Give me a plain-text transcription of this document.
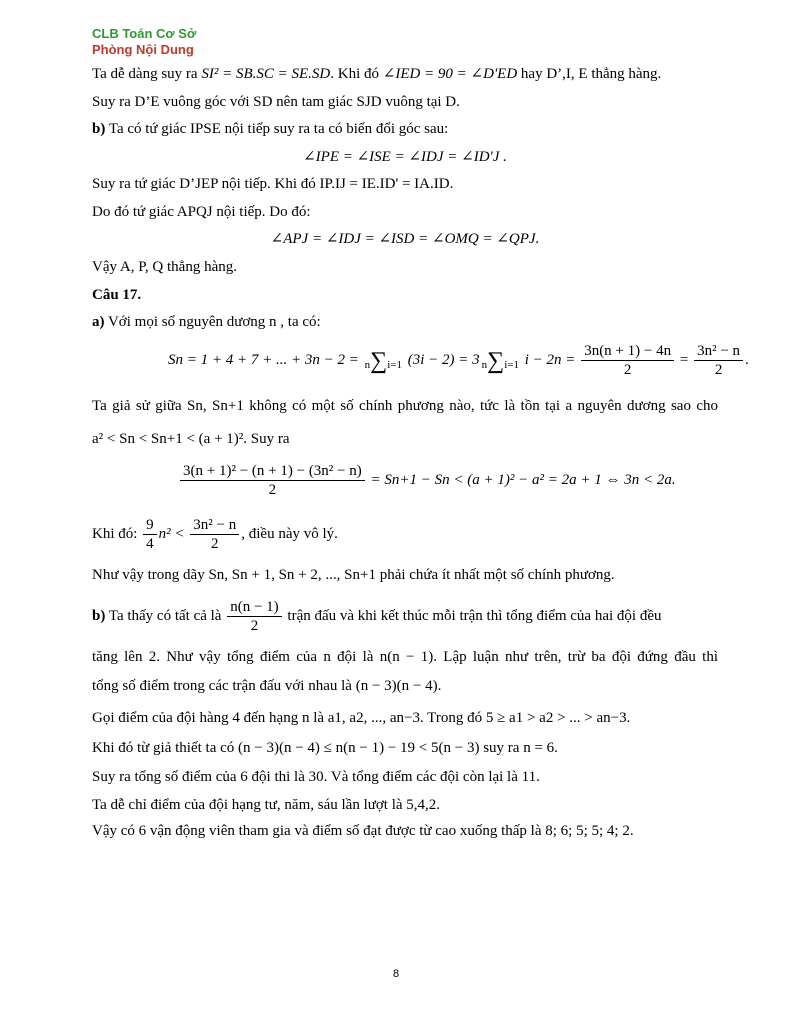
CLB Toán Cơ Sở
Phòng Nội Dung
Ta dễ dàng suy ra SI² = SB.SC = SE.SD. Khi đó ∠IED = 90 = ∠D'ED hay D’,I, E thẳng hàng.
Suy ra D’E vuông góc với SD nên tam giác SJD vuông tại D.
b) Ta có tứ giác IPSE nội tiếp suy ra ta có biến đổi góc sau:
∠IPE = ∠ISE = ∠IDJ = ∠ID'J .
Suy ra tứ giác D’JEP nội tiếp. Khi đó IP.IJ = IE.ID' = IA.ID.
Do đó tứ giác APQJ nội tiếp. Do đó:
∠APJ = ∠IDJ = ∠ISD = ∠OMQ = ∠QPJ.
Vậy A, P, Q thẳng hàng.
Câu 17.
a) Với mọi số nguyên dương n , ta có:
Sn = 1 + 4 + 7 + ... + 3n − 2 = n∑i=1 (3i − 2) = 3 n∑i=1 $i - 2n = \frac{3n(n + 1) - 4n}{2} = \frac{\text{3n² − n}}{2}$ .
Ta giả sử giữa Sn, Sn+1 không có một số chính phương nào, tức là tồn tại a nguyên dương sao cho
a² < Sn < Sn+1 < (a + 1)². Suy ra
$\frac{\text{3(n + 1)² − (n + 1) − (3n² − n)}}{2} = Sn+1 - Sn < (a + 1)^2 - a^2 = 2a + 1$ ⇔ 3n < 2a.
Khi đó: $\frac{9}{4} n^2 < \frac{\text{3n² − n}}{2}$ , điều này vô lý.
Như vậy trong dãy Sn, Sn + 1, Sn + 2, ..., Sn+1 phải chứa ít nhất một số chính phương.
b) Ta thấy có tất cả là $\frac{n(n - 1)}{2}$ trận đấu và khi kết thúc mỗi trận thì tổng điểm của hai đội đều
tăng lên 2. Như vậy tổng điểm của n đội là n(n − 1). Lập luận như trên, trừ ba đội đứng đầu thì
tổng số điểm trong các trận đấu với nhau là (n − 3)(n − 4).
Gọi điểm của đội hàng 4 đến hạng n là a1, a2, ..., an−3. Trong đó 5 ≥ a1 > a2 > ... > an−3.
Khi đó từ giả thiết ta có (n − 3)(n − 4) ≤ n(n − 1) − 19 < 5(n − 3) suy ra n = 6.
Suy ra tổng số điểm của 6 đội thi là 30. Và tổng điểm các đội còn lại là 11.
Ta dễ chỉ điểm của đội hạng tư, năm, sáu lần lượt là 5,4,2.
Vậy có 6 vận động viên tham gia và điểm số đạt được từ cao xuống thấp là 8; 6; 5; 5; 4; 2.
8
